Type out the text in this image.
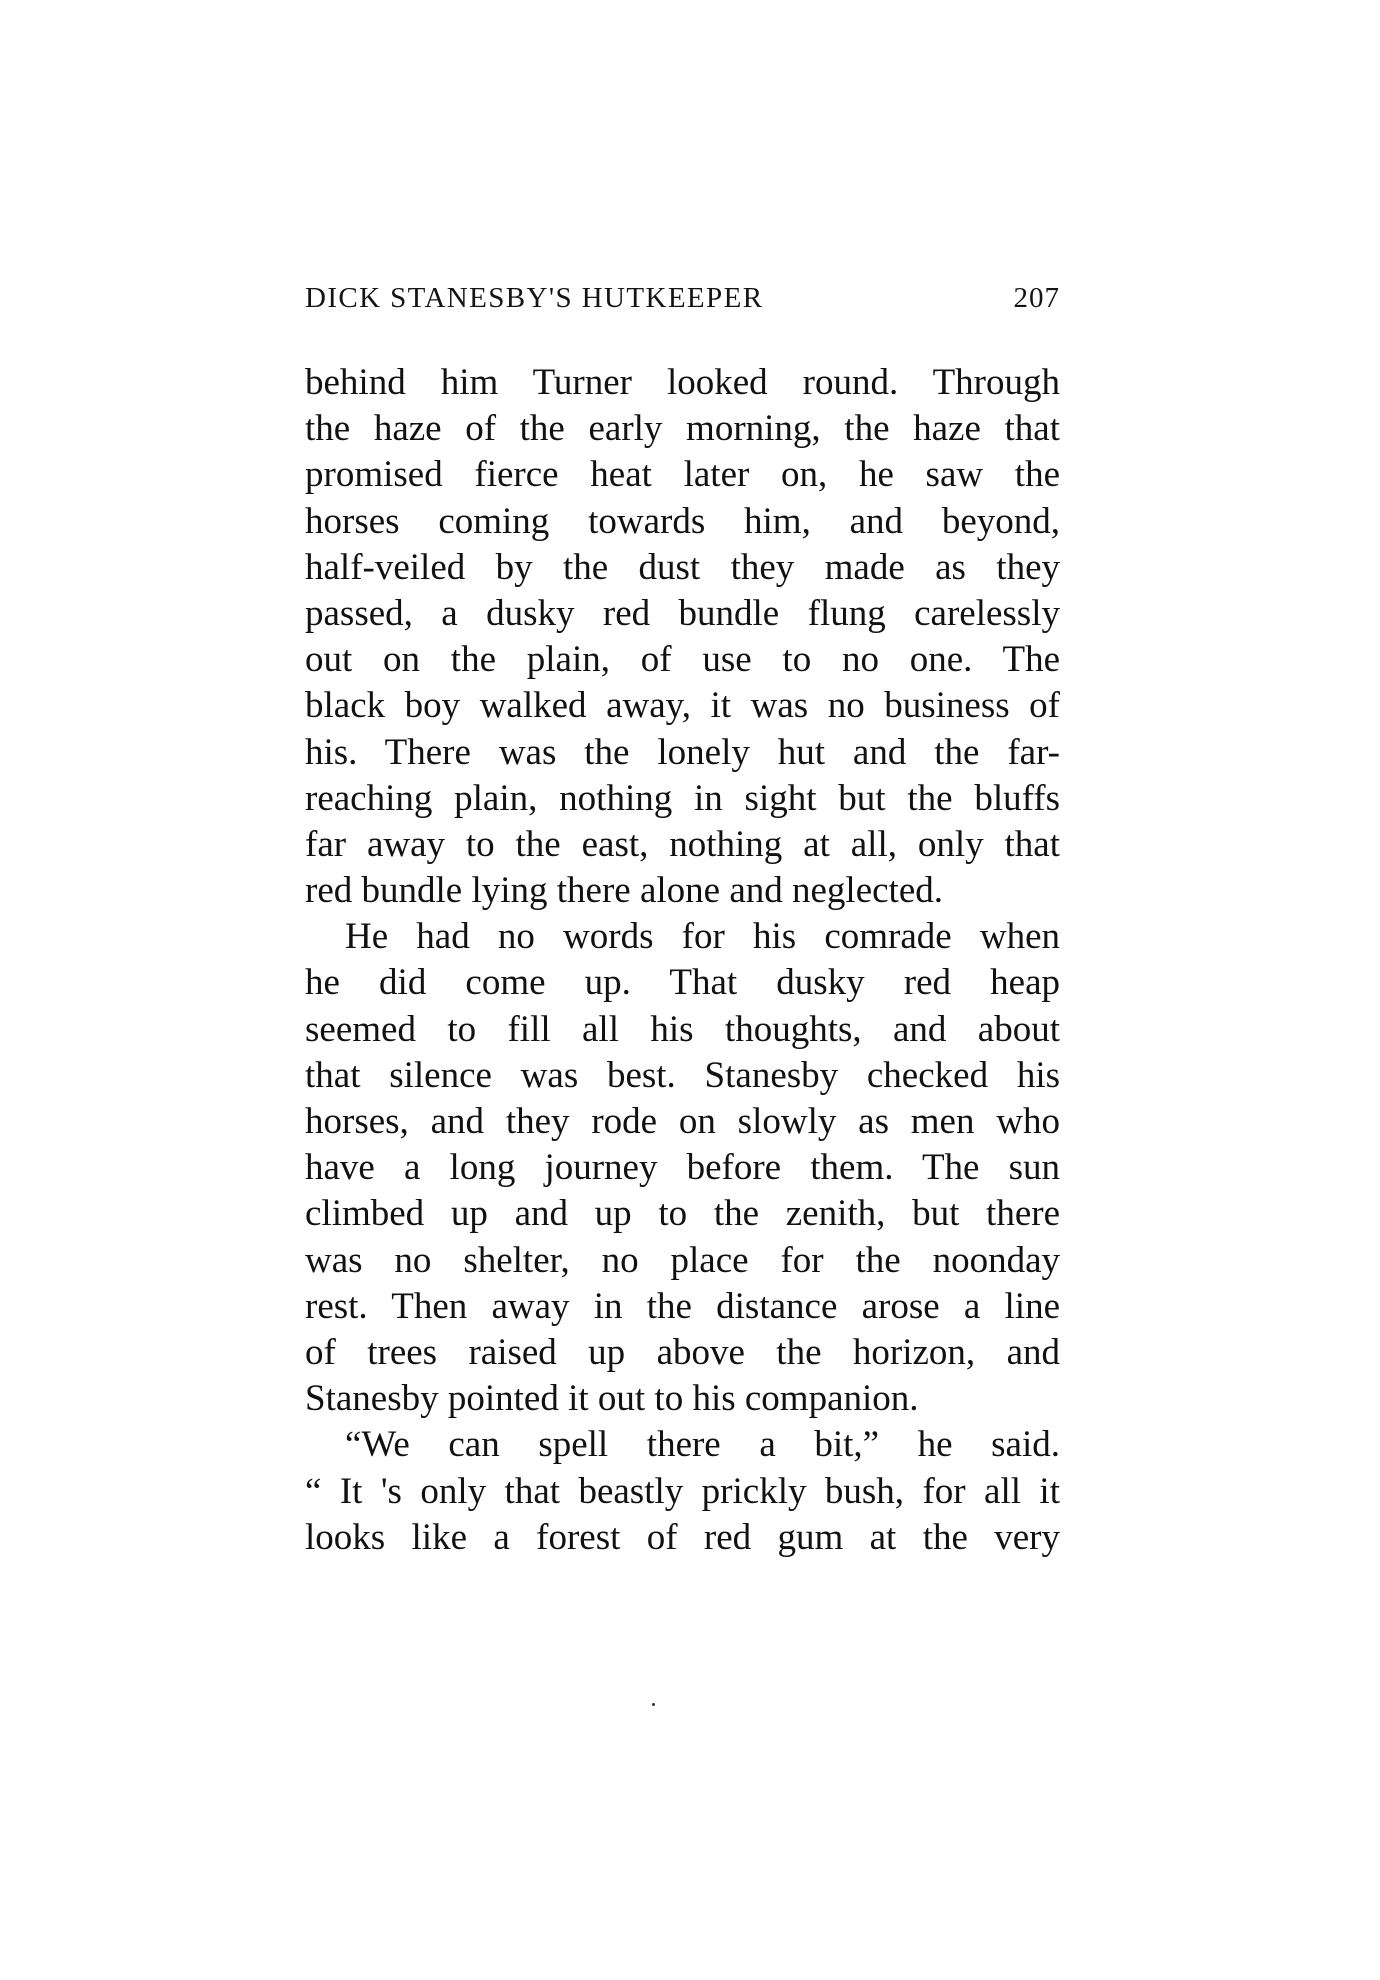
DICK STANESBY'S HUTKEEPER	207
behind him Turner looked round. Through
the haze of the early morning, the haze that
promised fierce heat later on, he saw the
horses coming towards him, and beyond,
half-veiled by the dust they made as they
passed, a dusky red bundle flung carelessly
out on the plain, of use to no one. The
black boy walked away, it was no business of
his. There was the lonely hut and the far-
reaching plain, nothing in sight but the bluffs
far away to the east, nothing at all, only that
red bundle lying there alone and neglected.
He had no words for his comrade when
he did come up. That dusky red heap
seemed to fill all his thoughts, and about
that silence was best. Stanesby checked his
horses, and they rode on slowly as men who
have a long journey before them. The sun
climbed up and up to the zenith, but there
was no shelter, no place for the noonday
rest. Then away in the distance arose a line
of trees raised up above the horizon, and
Stanesby pointed it out to his companion.
“We can spell there a bit,” he said.
“ It 's only that beastly prickly bush, for all it
looks like a forest of red gum at the very
